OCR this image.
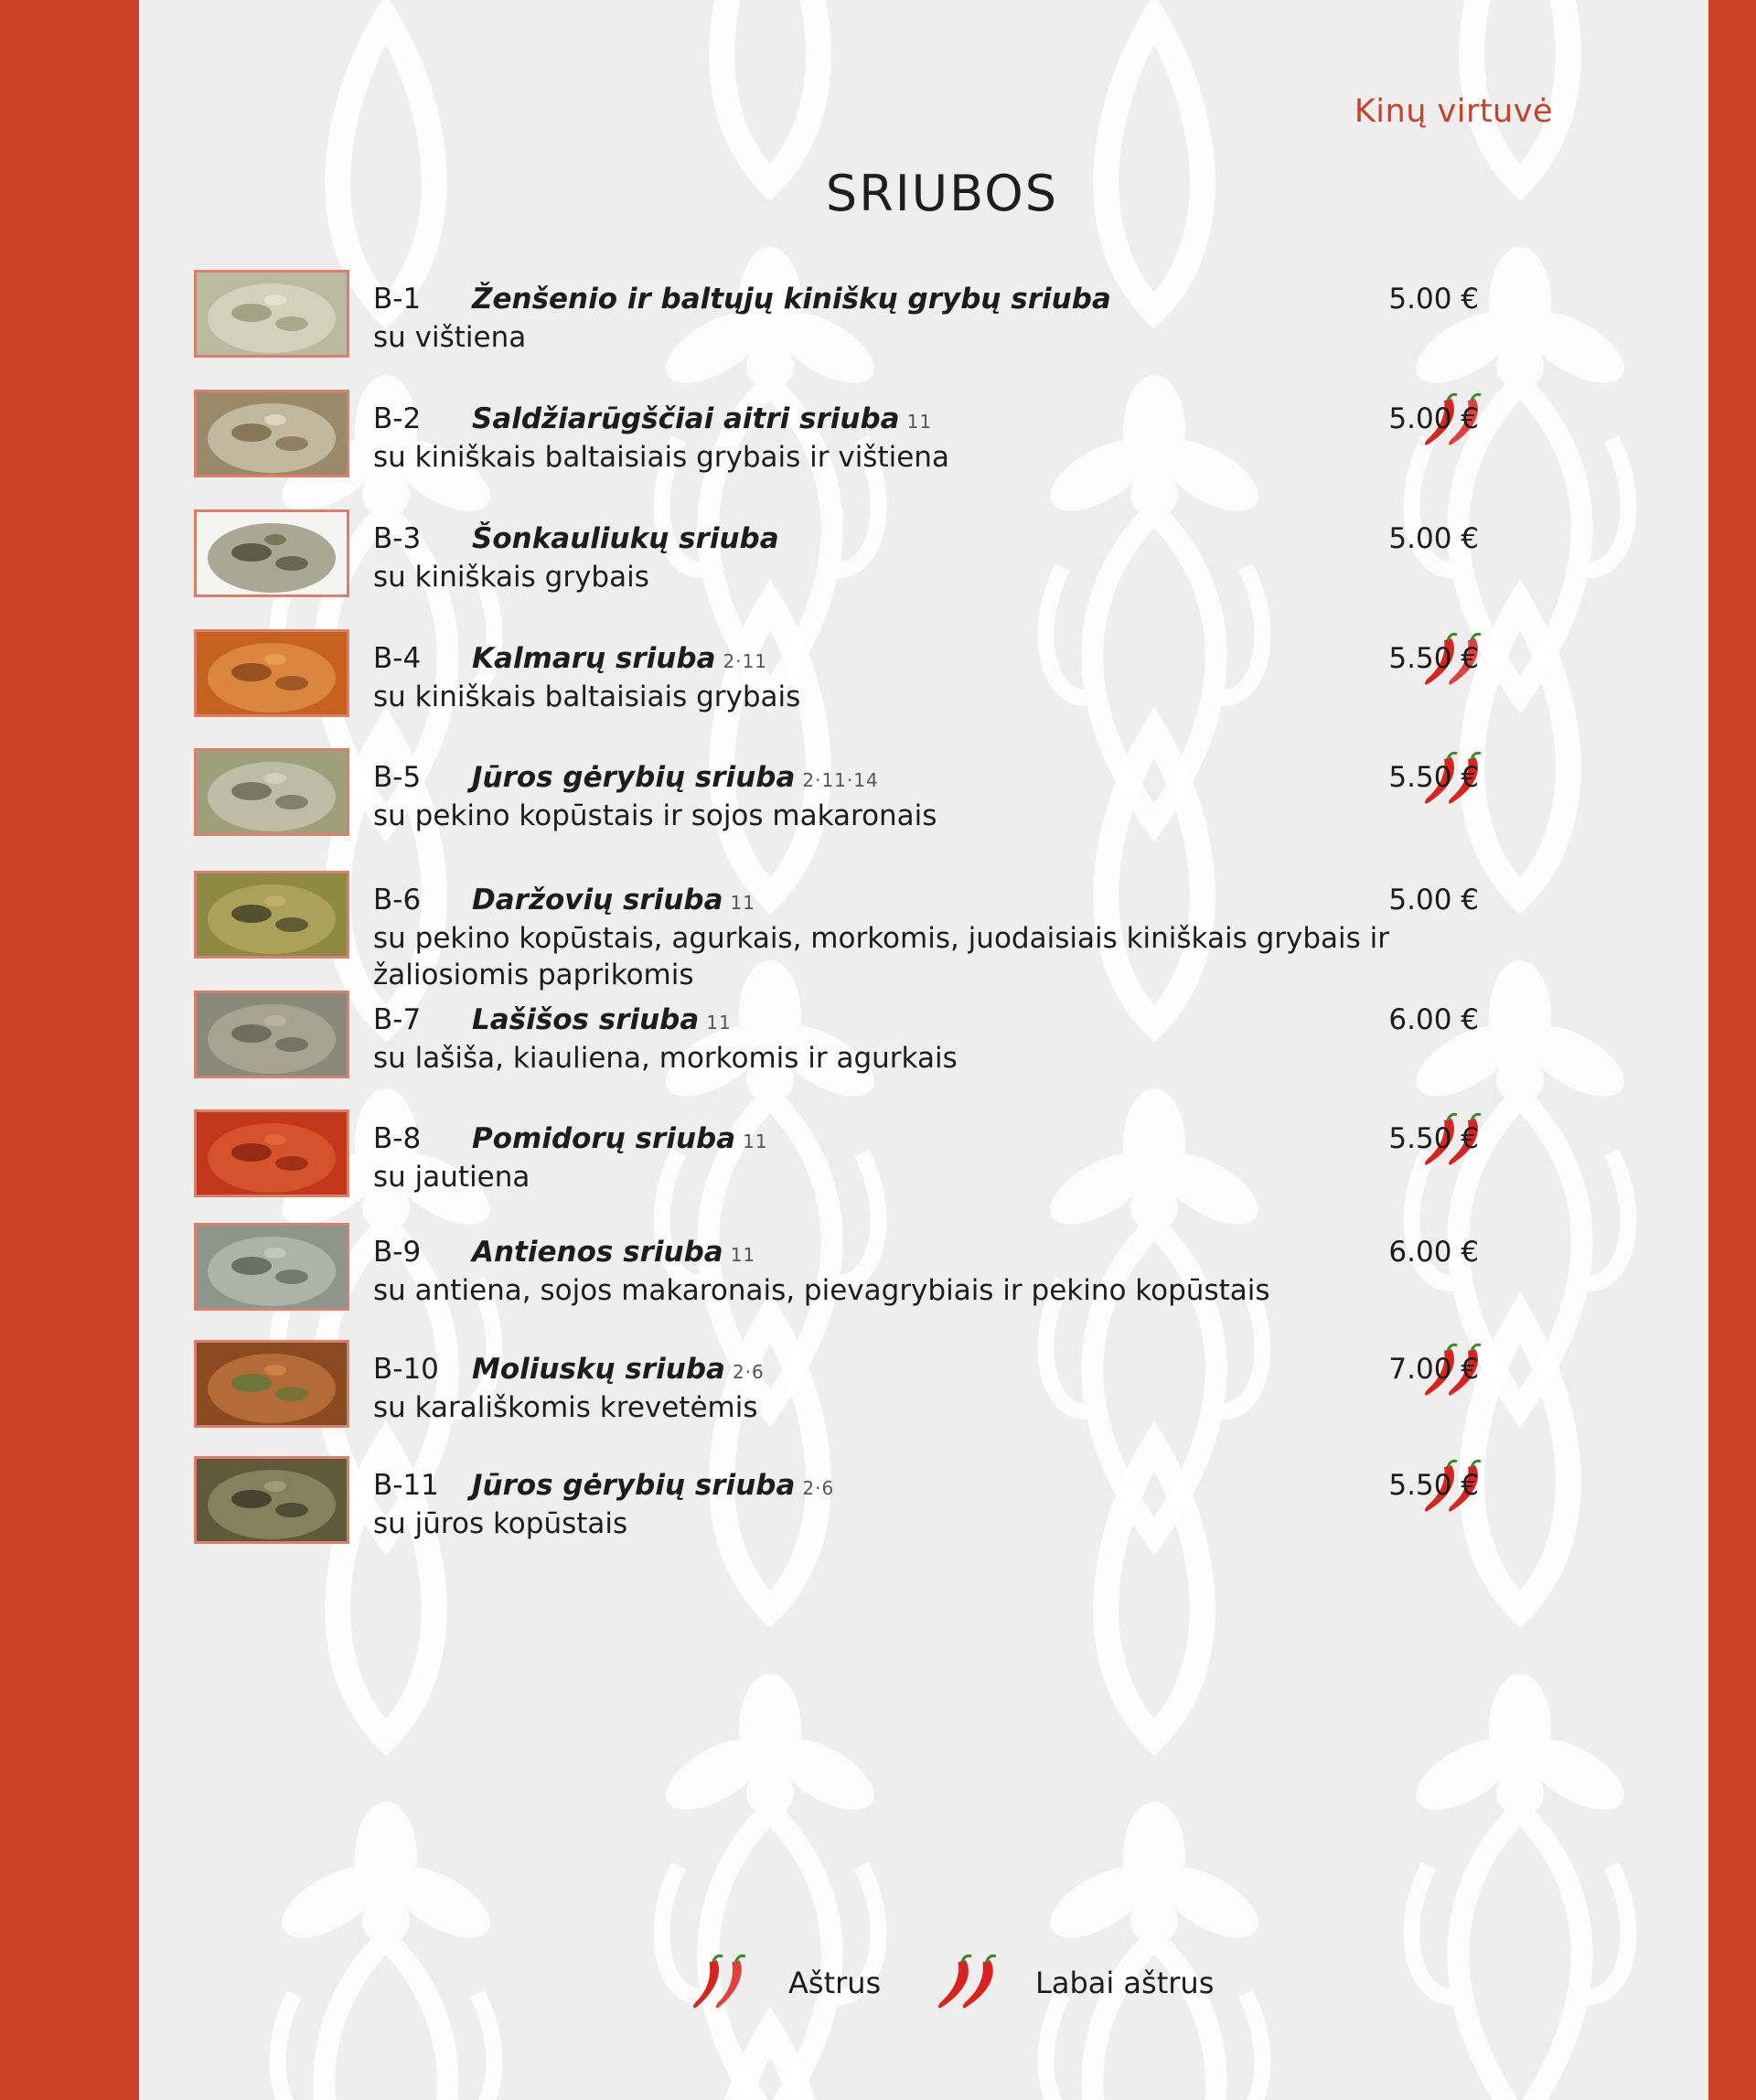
Kinų virtuvė
SRIUBOS
B-1 Ženšenio ir baltųjų kiniškų grybų sriuba
su vištiena
5.00 €
B-2 Saldžiarūgščiai aitri sriuba 11
su kiniškais baltaisiais grybais ir vištiena
5.00 €
B-3 Šonkauliukų sriuba
su kiniškais grybais
5.00 €
B-4 Kalmarų sriuba 2·11
su kiniškais baltaisiais grybais
5.50 €
B-5 Jūros gėrybių sriuba 2·11·14
su pekino kopūstais ir sojos makaronais
5.50 €
B-6 Daržovių sriuba 11
su pekino kopūstais, agurkais, morkomis, juodaisiais kiniškais grybais ir žaliosiomis paprikomis
5.00 €
B-7 Lašišos sriuba 11
su lašiša, kiauliena, morkomis ir agurkais
6.00 €
B-8 Pomidorų sriuba 11
su jautiena
5.50 €
B-9 Antienos sriuba 11
su antiena, sojos makaronais, pievagrybiais ir pekino kopūstais
6.00 €
B-10 Moliuskų sriuba 2·6
su karališkomis krevetėmis
7.00 €
B-11 Jūros gėrybių sriuba 2·6
su jūros kopūstais
5.50 €
Aštrus	Labai aštrus
